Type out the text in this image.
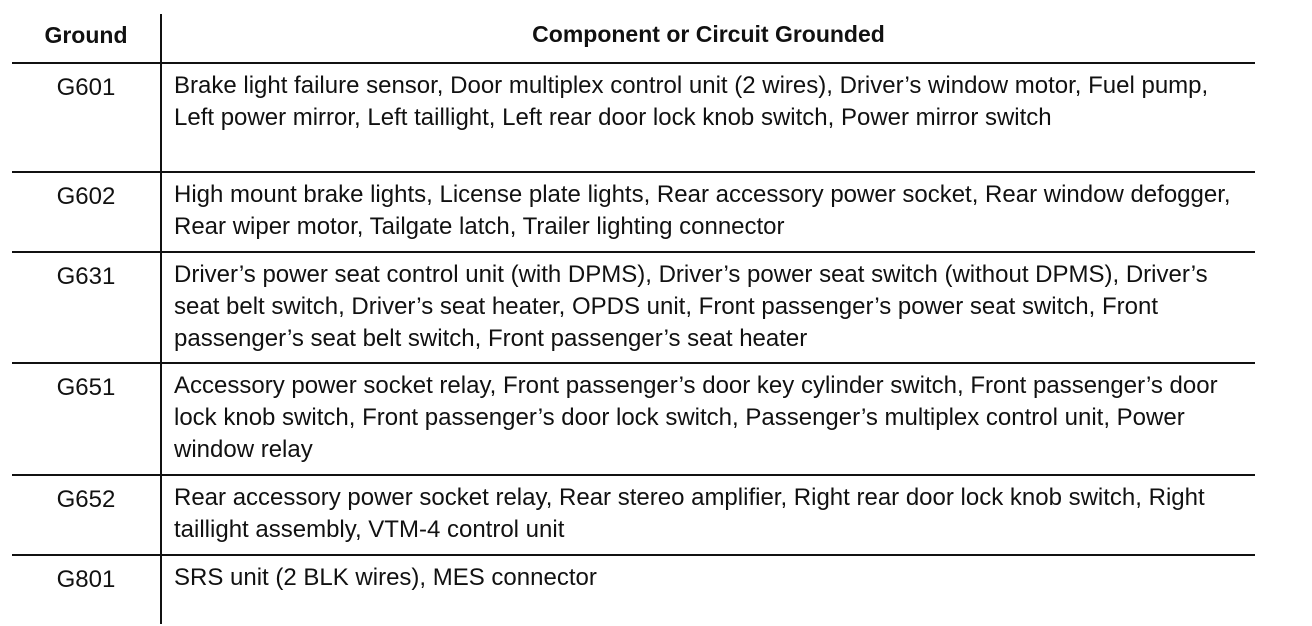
Ground	Component or Circuit Grounded
G601	Brake light failure sensor, Door multiplex control unit (2 wires), Driver’s window motor, Fuel pump, Left power mirror, Left taillight, Left rear door lock knob switch, Power mirror switch
G602	High mount brake lights, License plate lights, Rear accessory power socket, Rear window defogger, Rear wiper motor, Tailgate latch, Trailer lighting connector
G631	Driver’s power seat control unit (with DPMS), Driver’s power seat switch (without DPMS), Driver’s seat belt switch, Driver’s seat heater, OPDS unit, Front passenger’s power seat switch, Front passenger’s seat belt switch, Front passenger’s seat heater
G651	Accessory power socket relay, Front passenger’s door key cylinder switch, Front passenger’s door lock knob switch, Front passenger’s door lock switch, Passenger’s multiplex control unit, Power window relay
G652	Rear accessory power socket relay, Rear stereo amplifier, Right rear door lock knob switch, Right taillight assembly, VTM-4 control unit
G801	SRS unit (2 BLK wires), MES connector
